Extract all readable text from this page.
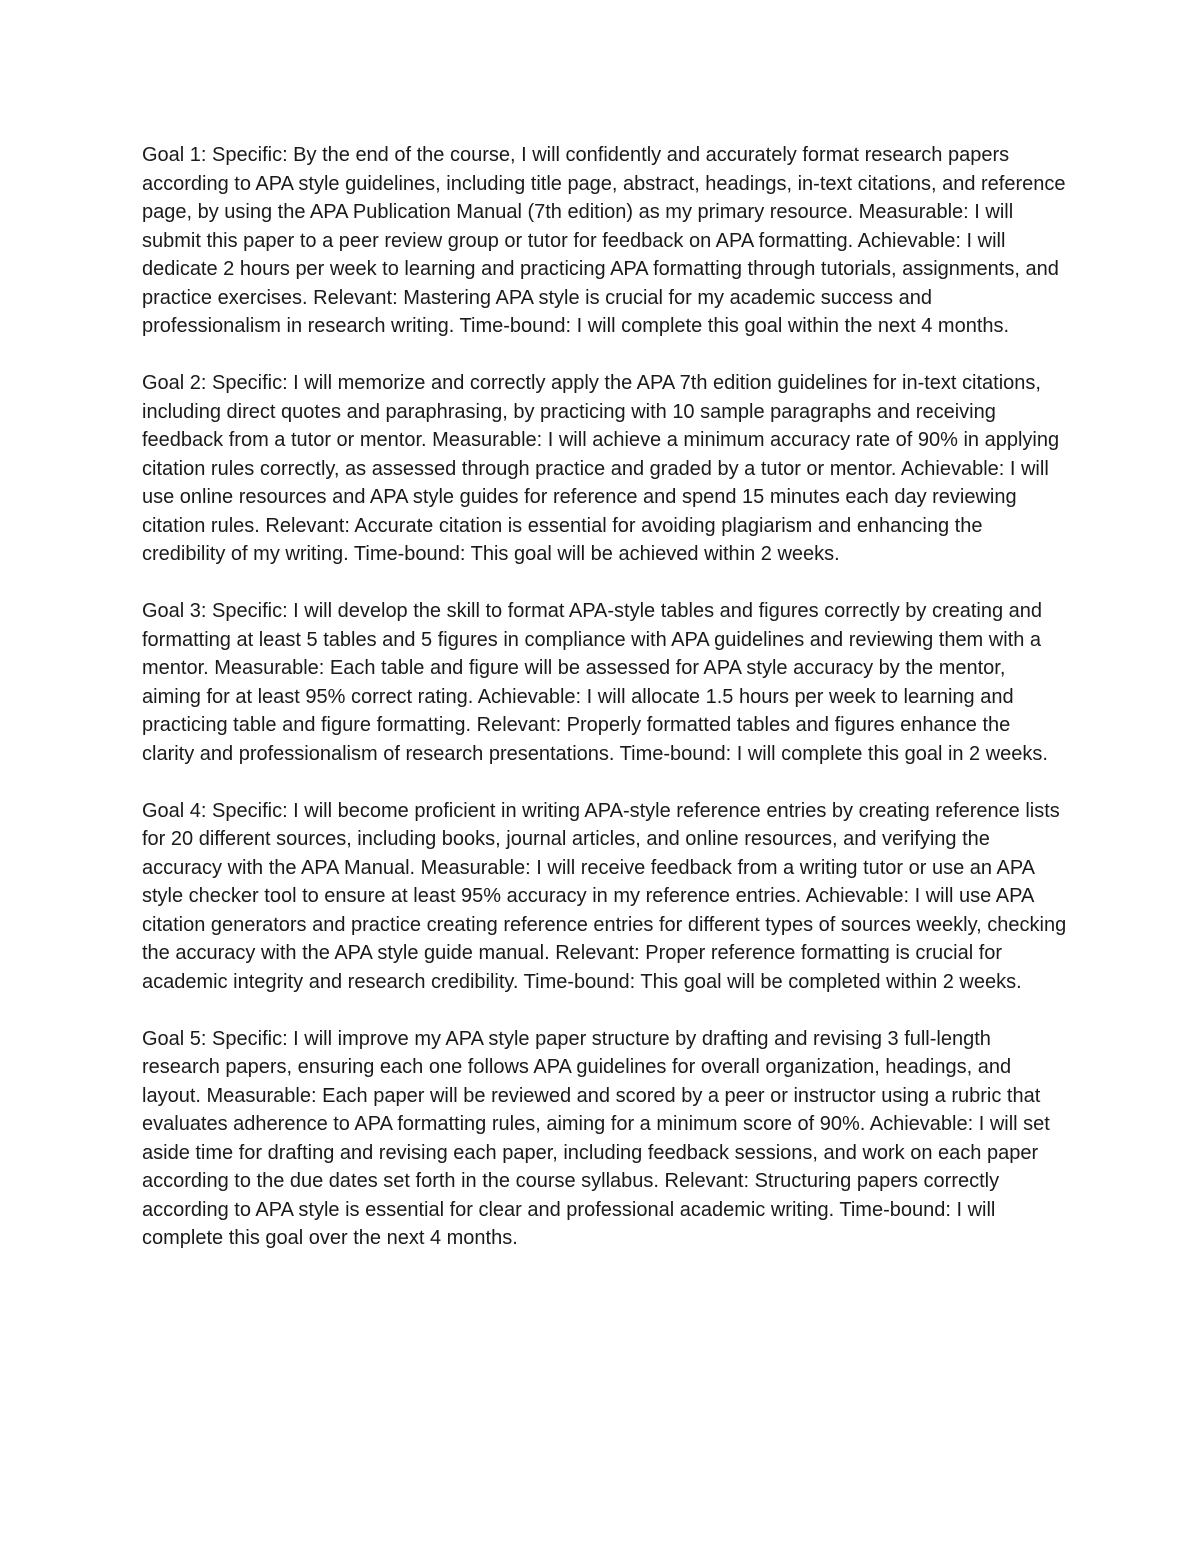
Goal 1: Specific: By the end of the course, I will confidently and accurately format research papers according to APA style guidelines, including title page, abstract, headings, in-text citations, and reference page, by using the APA Publication Manual (7th edition) as my primary resource. Measurable: I will submit this paper to a peer review group or tutor for feedback on APA formatting. Achievable: I will dedicate 2 hours per week to learning and practicing APA formatting through tutorials, assignments, and practice exercises. Relevant: Mastering APA style is crucial for my academic success and professionalism in research writing. Time-bound: I will complete this goal within the next 4 months.

Goal 2: Specific: I will memorize and correctly apply the APA 7th edition guidelines for in-text citations, including direct quotes and paraphrasing, by practicing with 10 sample paragraphs and receiving feedback from a tutor or mentor. Measurable: I will achieve a minimum accuracy rate of 90% in applying citation rules correctly, as assessed through practice and graded by a tutor or mentor. Achievable: I will use online resources and APA style guides for reference and spend 15 minutes each day reviewing citation rules. Relevant: Accurate citation is essential for avoiding plagiarism and enhancing the credibility of my writing. Time-bound: This goal will be achieved within 2 weeks.

Goal 3: Specific: I will develop the skill to format APA-style tables and figures correctly by creating and formatting at least 5 tables and 5 figures in compliance with APA guidelines and reviewing them with a mentor. Measurable: Each table and figure will be assessed for APA style accuracy by the mentor, aiming for at least 95% correct rating. Achievable: I will allocate 1.5 hours per week to learning and practicing table and figure formatting. Relevant: Properly formatted tables and figures enhance the clarity and professionalism of research presentations. Time-bound: I will complete this goal in 2 weeks.

Goal 4: Specific: I will become proficient in writing APA-style reference entries by creating reference lists for 20 different sources, including books, journal articles, and online resources, and verifying the accuracy with the APA Manual. Measurable: I will receive feedback from a writing tutor or use an APA style checker tool to ensure at least 95% accuracy in my reference entries. Achievable: I will use APA citation generators and practice creating reference entries for different types of sources weekly, checking the accuracy with the APA style guide manual. Relevant: Proper reference formatting is crucial for academic integrity and research credibility. Time-bound: This goal will be completed within 2 weeks.

Goal 5: Specific: I will improve my APA style paper structure by drafting and revising 3 full-length research papers, ensuring each one follows APA guidelines for overall organization, headings, and layout. Measurable: Each paper will be reviewed and scored by a peer or instructor using a rubric that evaluates adherence to APA formatting rules, aiming for a minimum score of 90%. Achievable: I will set aside time for drafting and revising each paper, including feedback sessions, and work on each paper according to the due dates set forth in the course syllabus. Relevant: Structuring papers correctly according to APA style is essential for clear and professional academic writing. Time-bound: I will complete this goal over the next 4 months.
